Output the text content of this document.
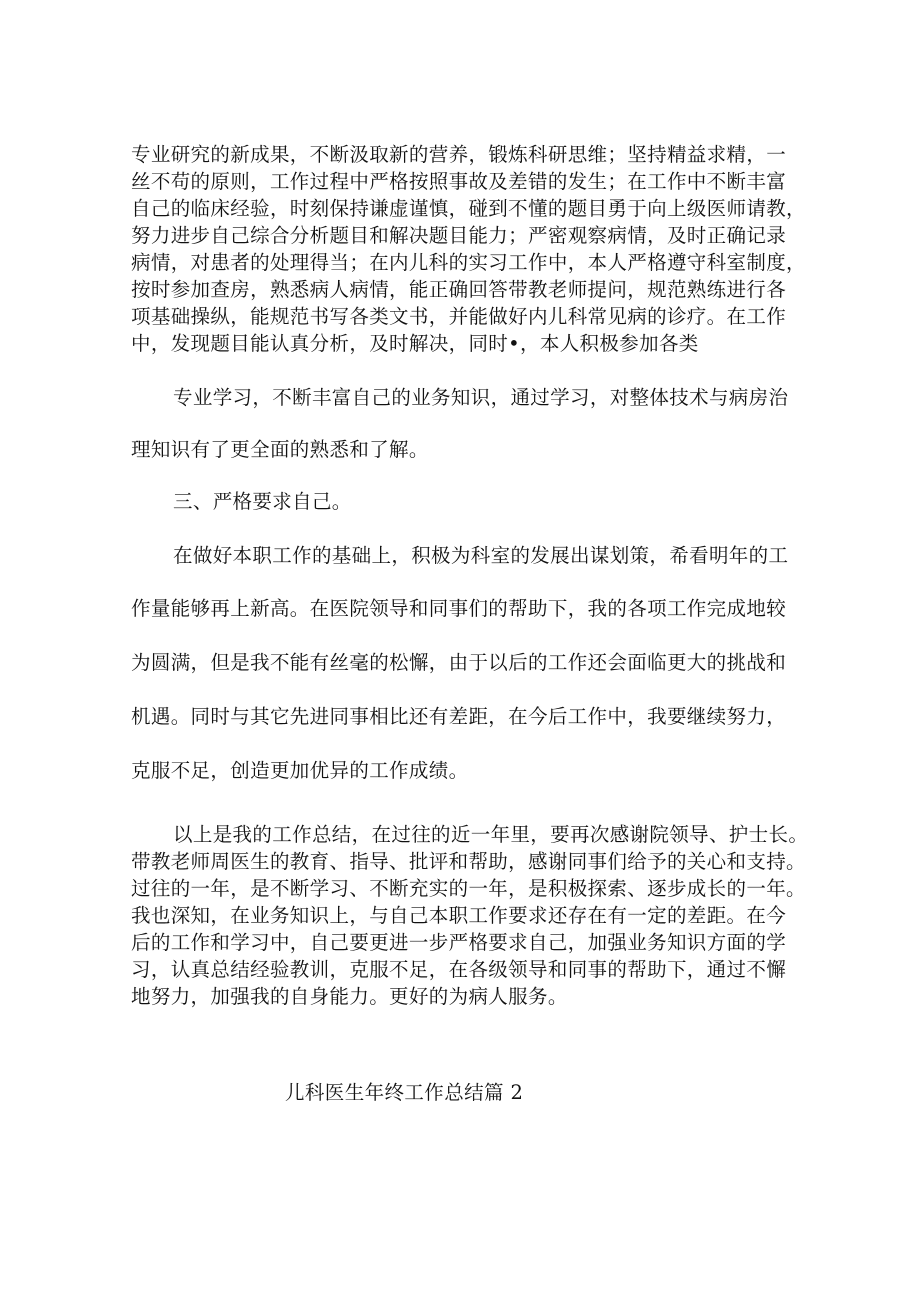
专业研究的新成果，不断汲取新的营养，锻炼科研思维；坚持精益求精，一
丝不苟的原则，工作过程中严格按照事故及差错的发生；在工作中不断丰富
自己的临床经验，时刻保持谦虚谨慎，碰到不懂的题目勇于向上级医师请教，
努力进步自己综合分析题目和解决题目能力；严密观察病情，及时正确记录
病情，对患者的处理得当；在内儿科的实习工作中，本人严格遵守科室制度，
按时参加查房，熟悉病人病情，能正确回答带教老师提问，规范熟练进行各
项基础操纵，能规范书写各类文书，并能做好内儿科常见病的诊疗。在工作
中，发现题目能认真分析，及时解决，同时•，本人积极参加各类
专业学习，不断丰富自己的业务知识，通过学习，对整体技术与病房治
理知识有了更全面的熟悉和了解。
三、严格要求自己。
在做好本职工作的基础上，积极为科室的发展出谋划策，希看明年的工
作量能够再上新高。在医院领导和同事们的帮助下，我的各项工作完成地较
为圆满，但是我不能有丝毫的松懈，由于以后的工作还会面临更大的挑战和
机遇。同时与其它先进同事相比还有差距，在今后工作中，我要继续努力，
克服不足，创造更加优异的工作成绩。
以上是我的工作总结，在过往的近一年里，要再次感谢院领导、护士长。
带教老师周医生的教育、指导、批评和帮助，感谢同事们给予的关心和支持。
过往的一年，是不断学习、不断充实的一年，是积极探索、逐步成长的一年。
我也深知，在业务知识上，与自己本职工作要求还存在有一定的差距。在今
后的工作和学习中，自己要更进一步严格要求自己，加强业务知识方面的学
习，认真总结经验教训，克服不足，在各级领导和同事的帮助下，通过不懈
地努力，加强我的自身能力。更好的为病人服务。
儿科医生年终工作总结篇 2
